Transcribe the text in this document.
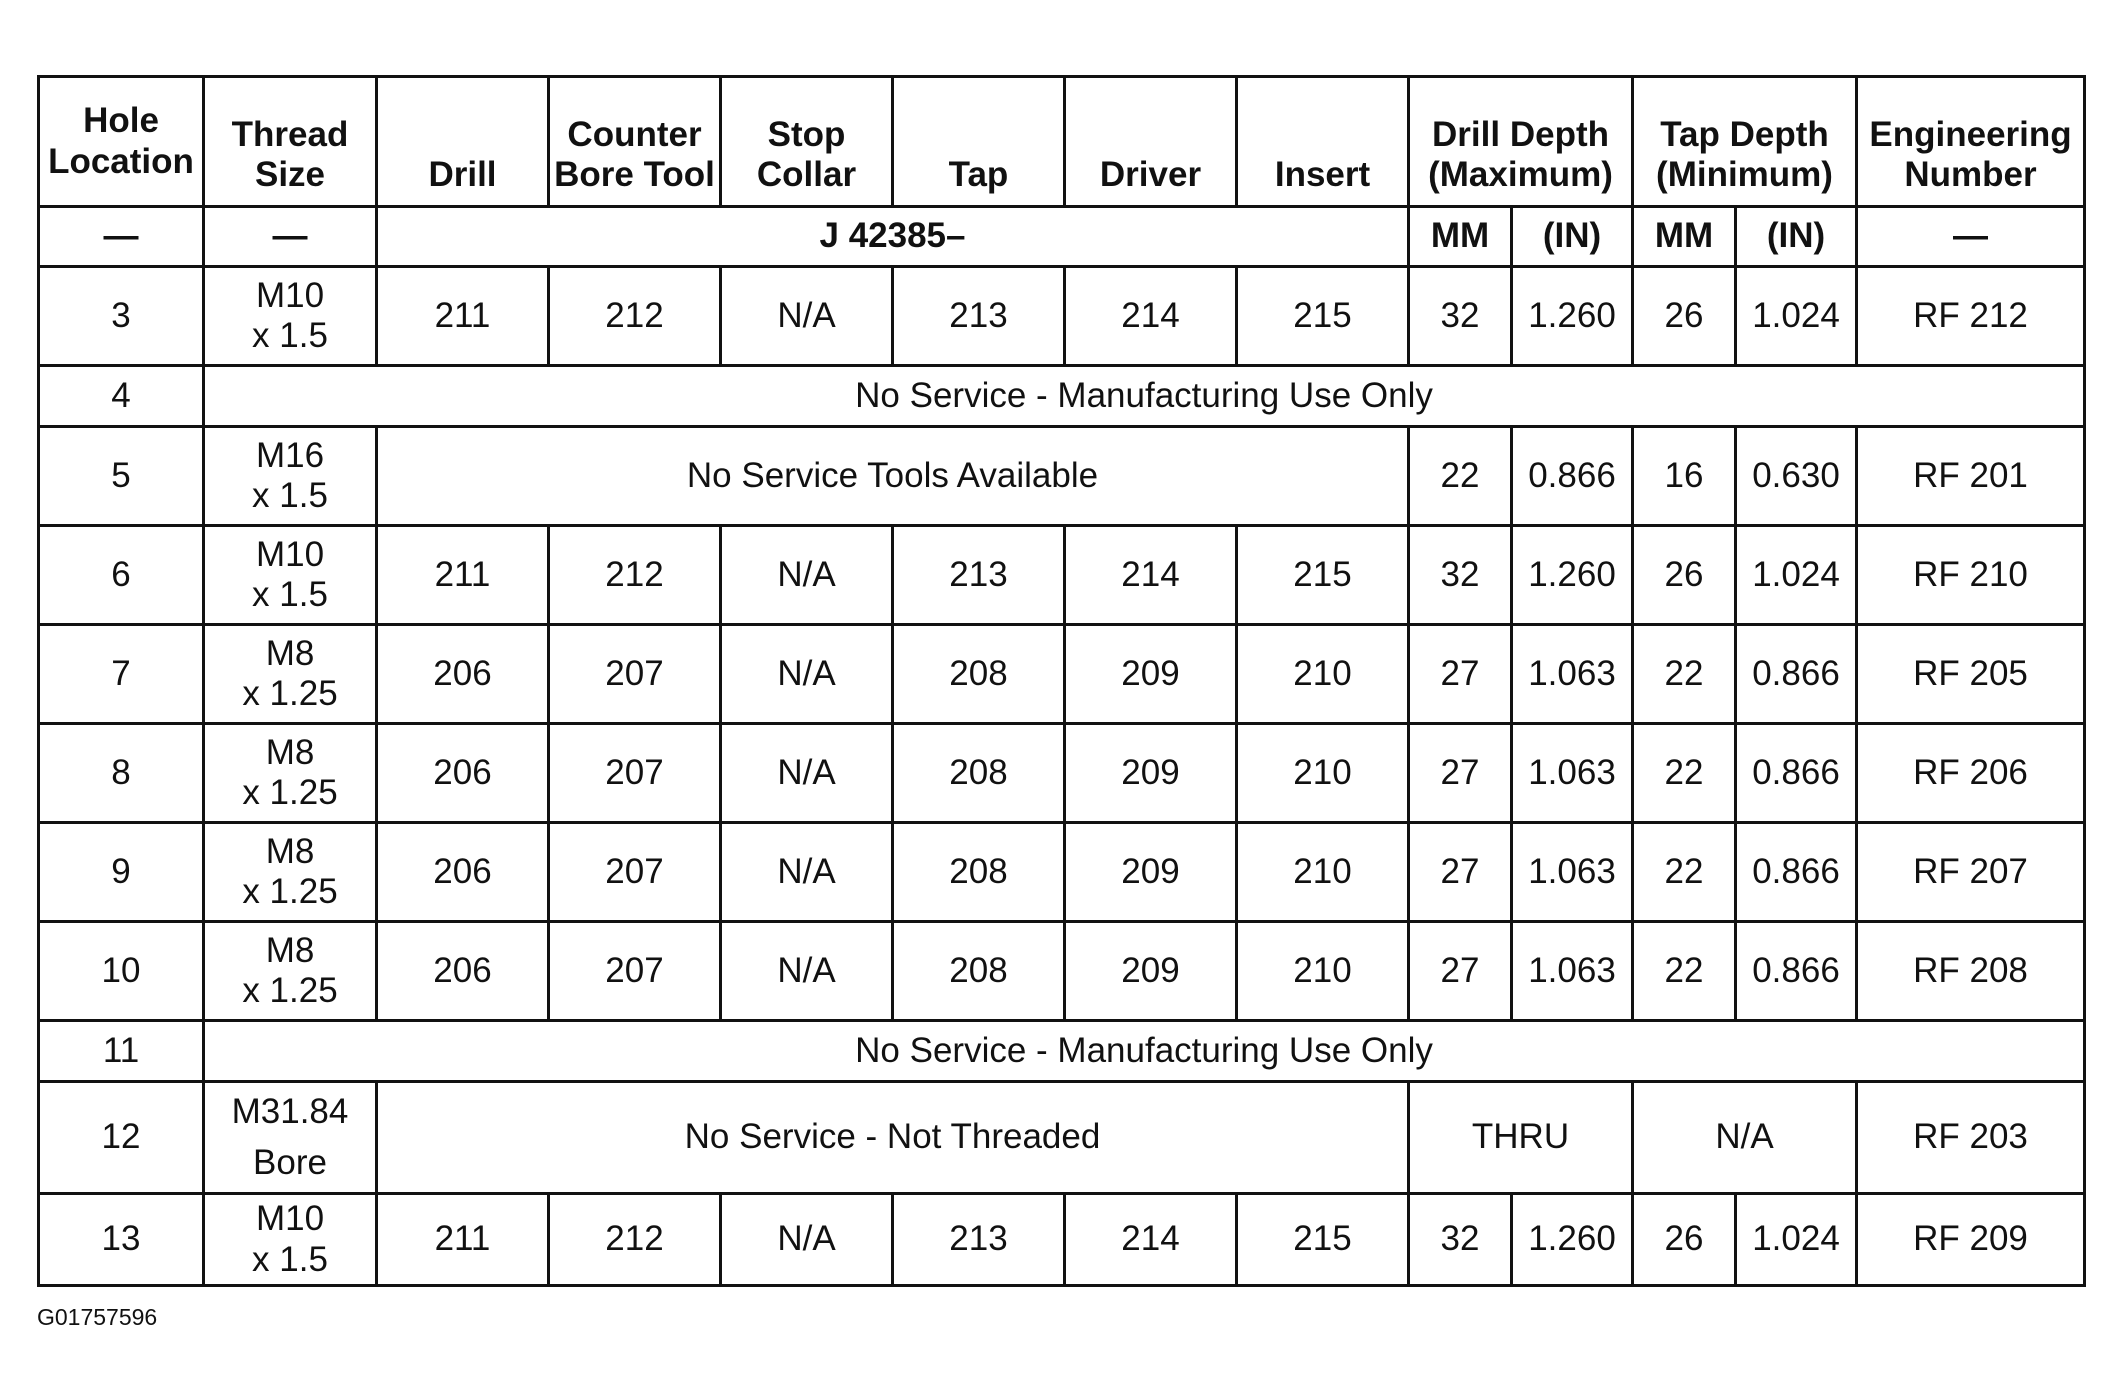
Hole Location	Thread Size	Drill	Counter Bore Tool	Stop Collar	Tap	Driver	Insert	Drill Depth (Maximum)		Tap Depth (Minimum)		Engineering Number
—	—	J 42385–						MM	(IN)	MM	(IN)	—
3	M10
x 1.5	211	212	N/A	213	214	215	32	1.260	26	1.024	RF 212
4	No Service - Manufacturing Use Only											
5	M16
x 1.5	No Service Tools Available						22	0.866	16	0.630	RF 201
6	M10
x 1.5	211	212	N/A	213	214	215	32	1.260	26	1.024	RF 210
7	M8
x 1.25	206	207	N/A	208	209	210	27	1.063	22	0.866	RF 205
8	M8
x 1.25	206	207	N/A	208	209	210	27	1.063	22	0.866	RF 206
9	M8
x 1.25	206	207	N/A	208	209	210	27	1.063	22	0.866	RF 207
10	M8
x 1.25	206	207	N/A	208	209	210	27	1.063	22	0.866	RF 208
11	No Service - Manufacturing Use Only											
12	M31.84
Bore	No Service - Not Threaded						THRU		N/A		RF 203
13	M10
x 1.5	211	212	N/A	213	214	215	32	1.260	26	1.024	RF 209
G01757596
